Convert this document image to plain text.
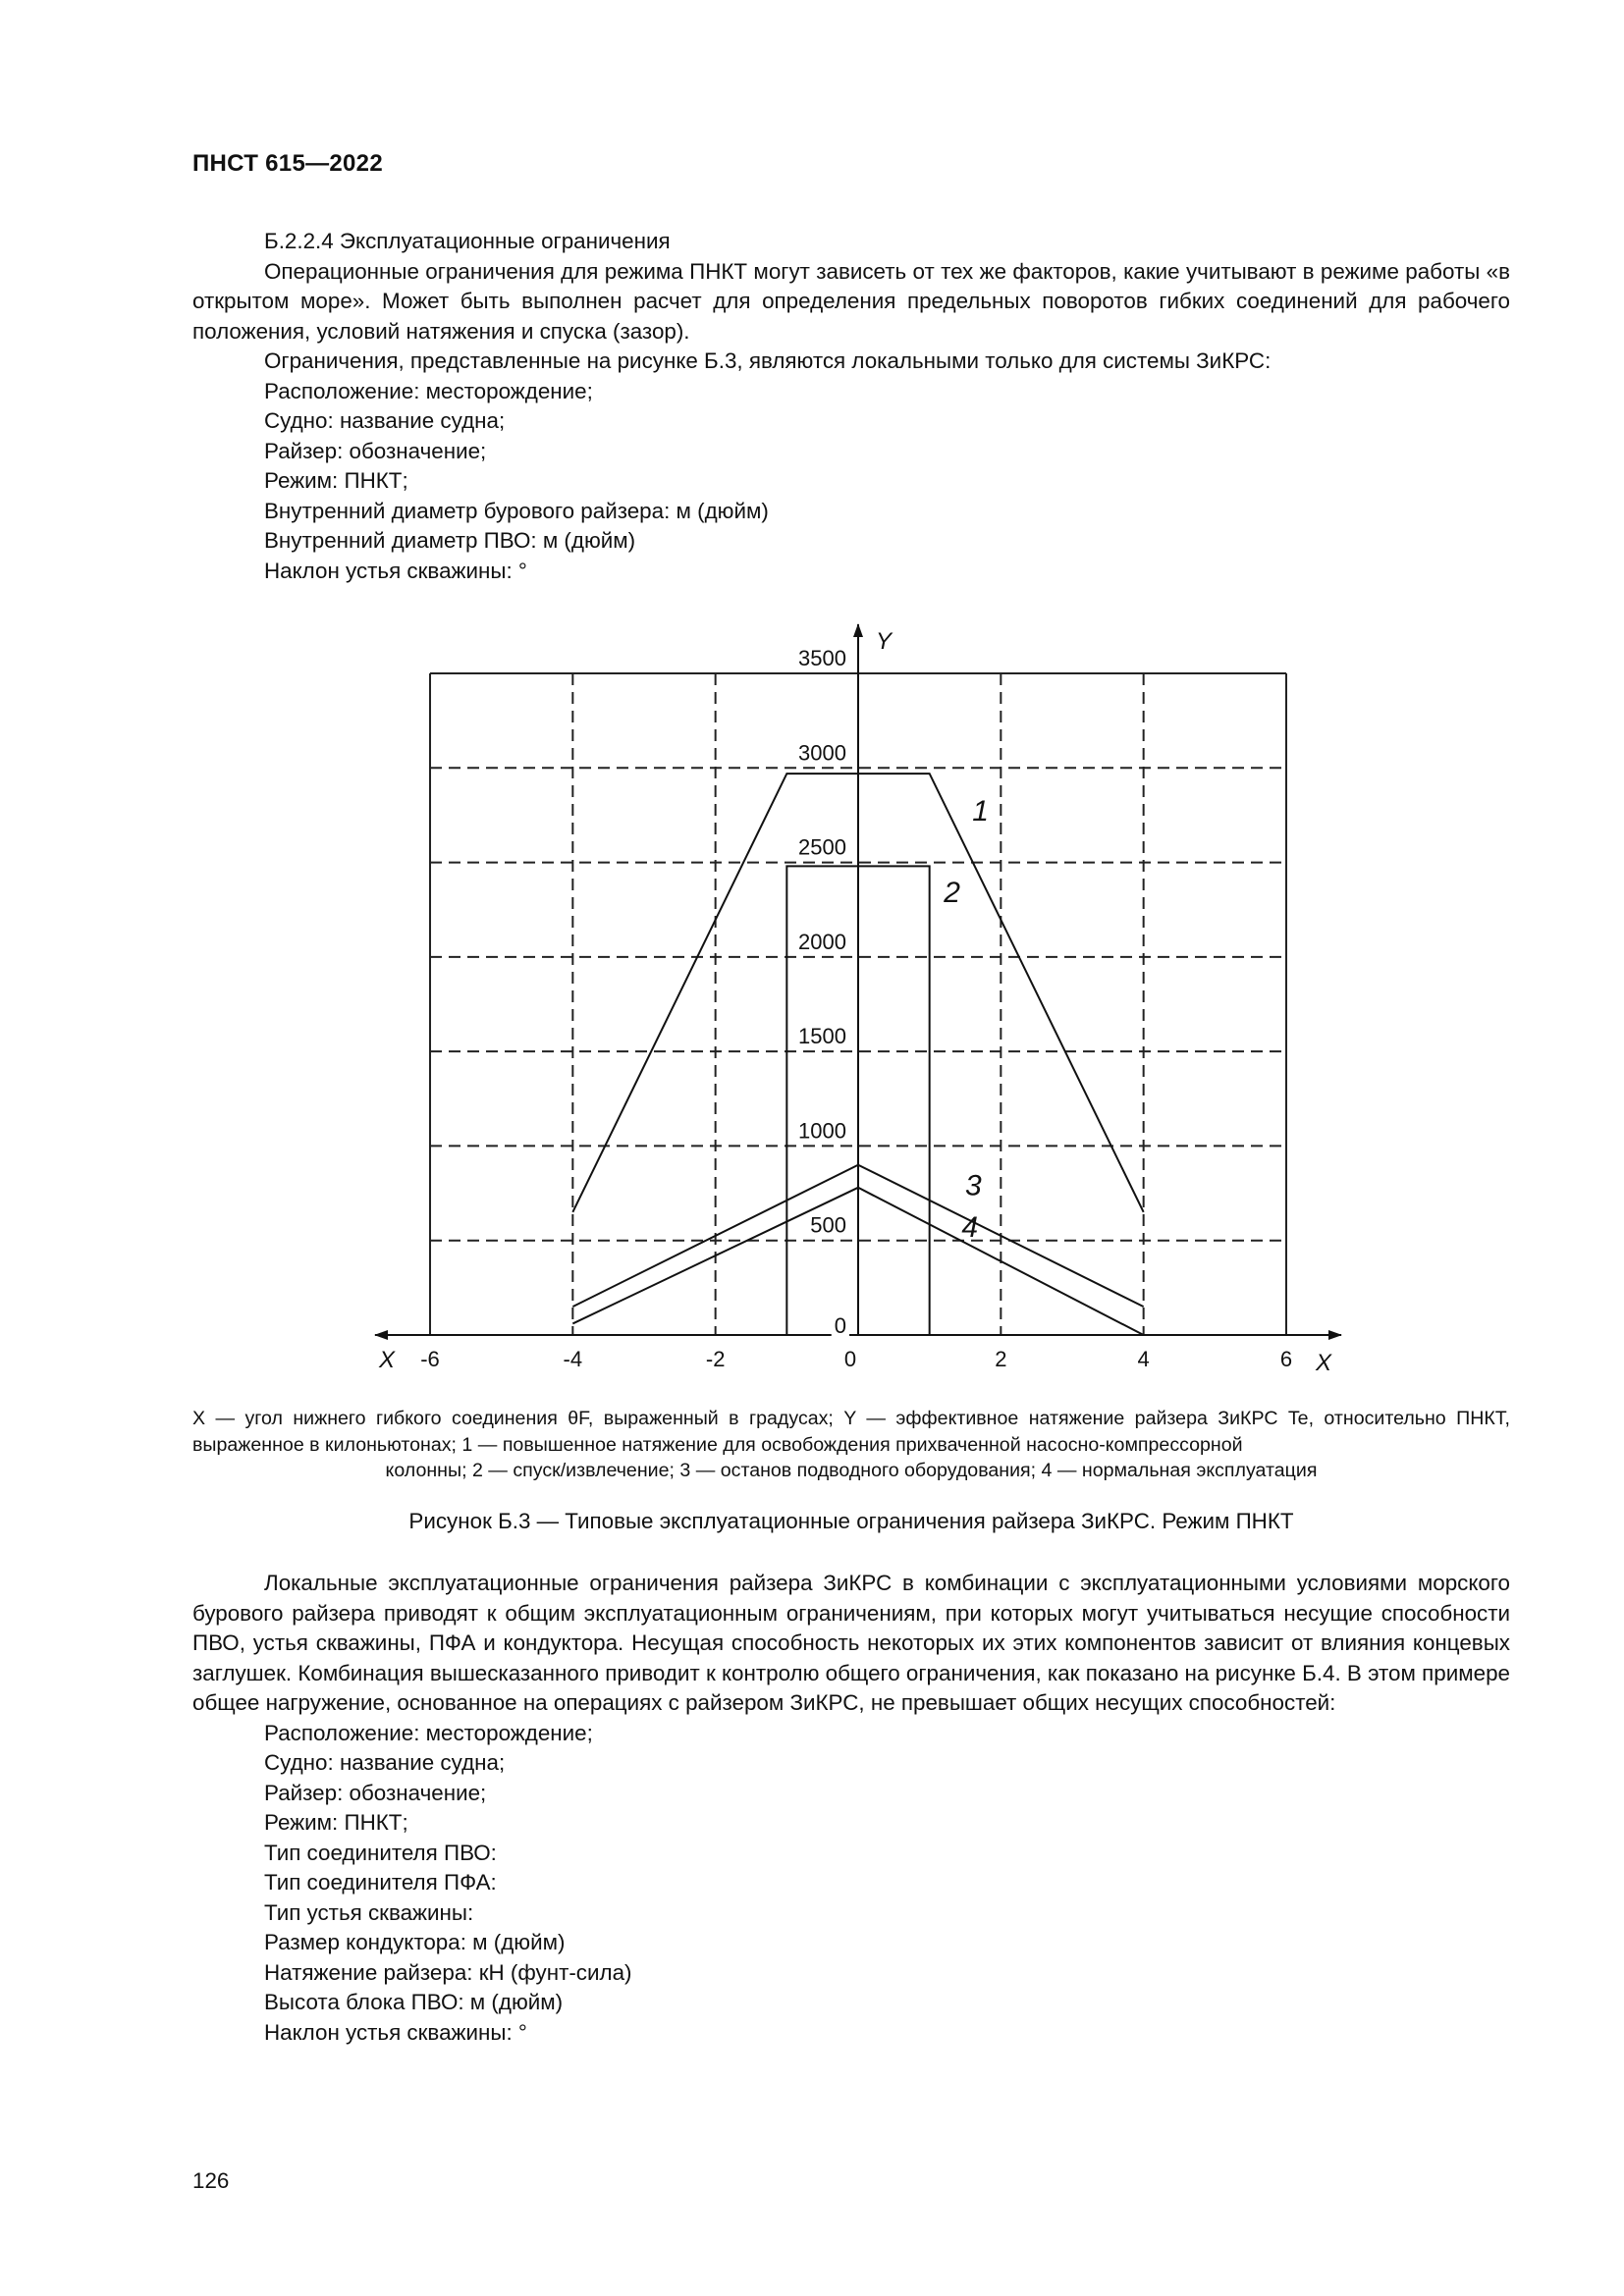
ПНСТ 615—2022

Б.2.2.4 Эксплуатационные ограничения

Операционные ограничения для режима ПНКТ могут зависеть от тех же факторов, какие учитывают в режиме работы «в открытом море». Может быть выполнен расчет для определения предельных поворотов гибких соединений для рабочего положения, условий натяжения и спуска (зазор).

Ограничения, представленные на рисунке Б.3, являются локальными только для системы ЗиКРС:

Расположение: месторождение;

Судно: название судна;

Райзер: обозначение;

Режим: ПНКТ;

Внутренний диаметр бурового райзера: м (дюйм)

Внутренний диаметр ПВО: м (дюйм)

Наклон устья скважины: °

0
500
1000
1500
2000
2500
3000
3500
-6	-4	-2	0	2	4	6
X	X
Y
1
2
3
4
X — угол нижнего гибкого соединения θF, выраженный в градусах; Y — эффективное натяжение райзера ЗиКРС Te, относительно ПНКТ, выраженное в килоньютонах; 1 — повышенное натяжение для освобождения прихваченной насосно-компрессорной
колонны; 2 — спуск/извлечение; 3 — останов подводного оборудования; 4 — нормальная эксплуатация
Рисунок Б.3 — Типовые эксплуатационные ограничения райзера ЗиКРС. Режим ПНКТ

Локальные эксплуатационные ограничения райзера ЗиКРС в комбинации с эксплуатационными условиями морского бурового райзера приводят к общим эксплуатационным ограничениям, при которых могут учитываться несущие способности ПВО, устья скважины, ПФА и кондуктора. Несущая способность некоторых их этих компонентов зависит от влияния концевых заглушек. Комбинация вышесказанного приводит к контролю общего ограничения, как показано на рисунке Б.4. В этом примере общее нагружение, основанное на операциях с райзером ЗиКРС, не превышает общих несущих способностей:

Расположение: месторождение;

Судно: название судна;

Райзер: обозначение;

Режим: ПНКТ;

Тип соединителя ПВО:

Тип соединителя ПФА:

Тип устья скважины:

Размер кондуктора: м (дюйм)

Натяжение райзера: кН (фунт-сила)

Высота блока ПВО: м (дюйм)

Наклон устья скважины: °

126
